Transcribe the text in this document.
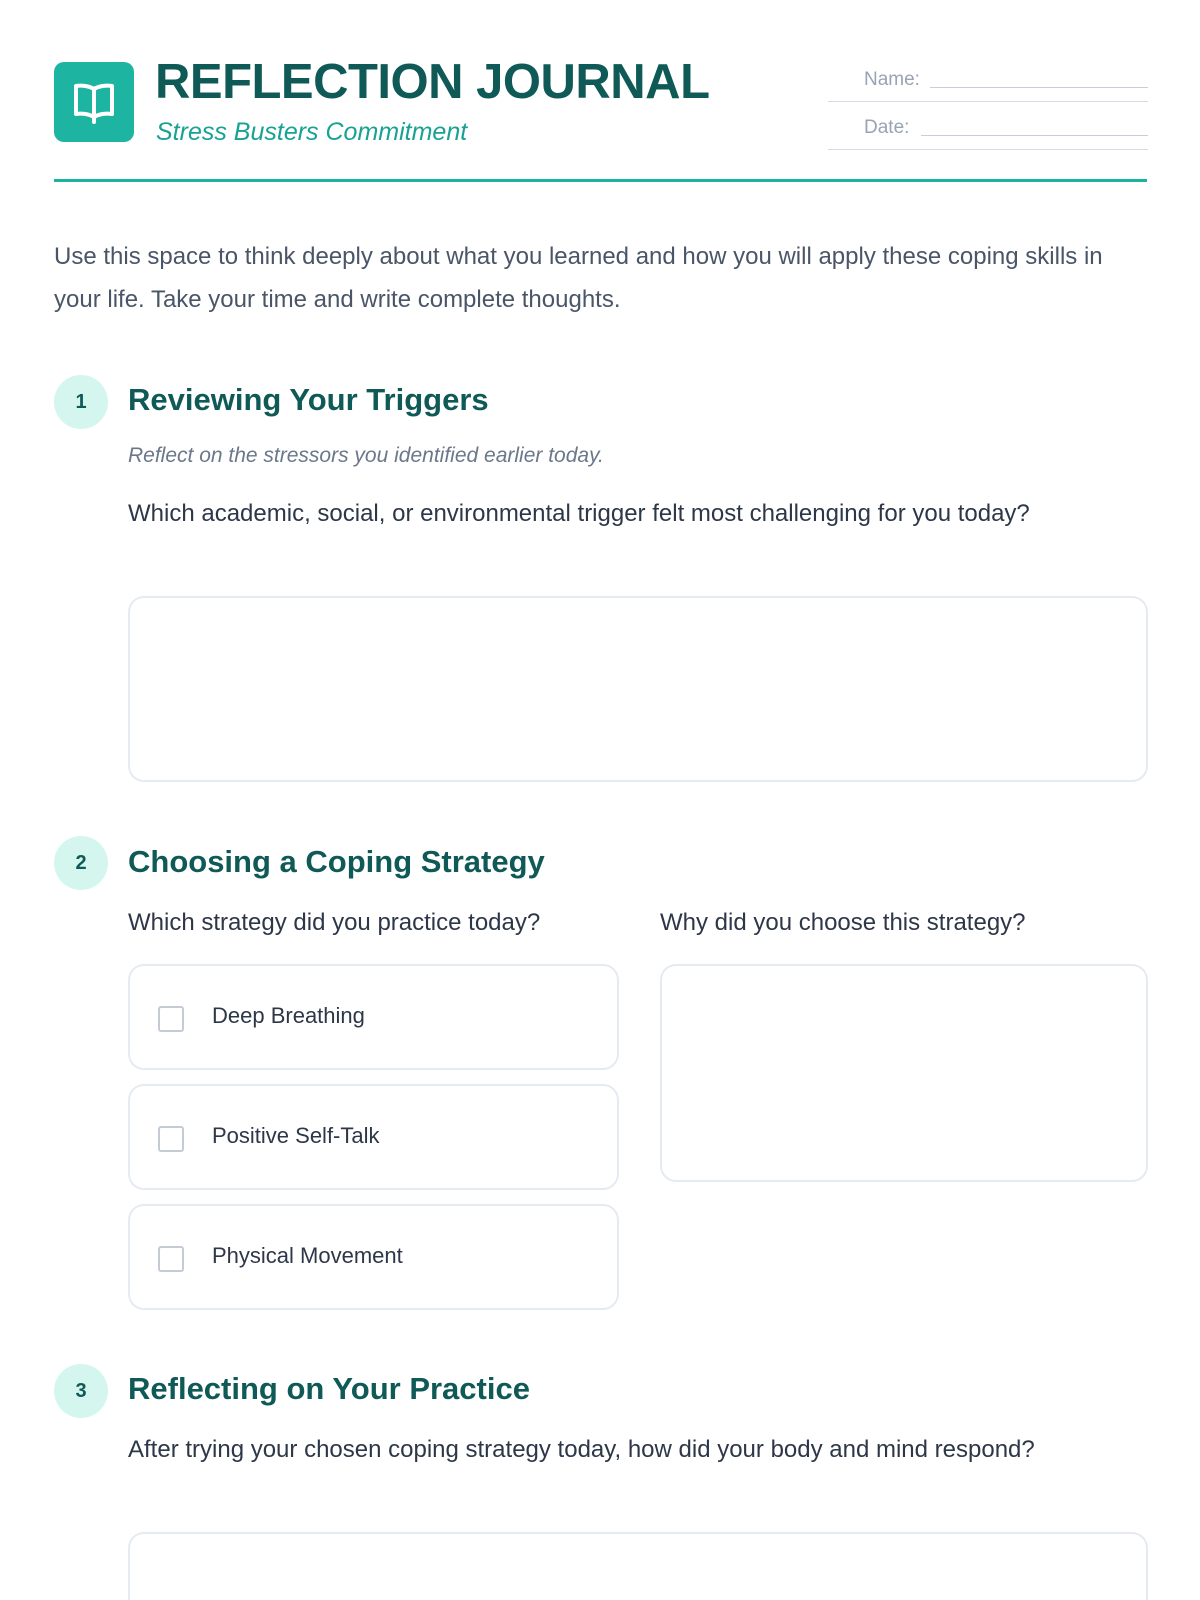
REFLECTION JOURNAL
Stress Busters Commitment
Name:
Date:

Use this space to think deeply about what you learned and how you will apply these coping skills in your life. Take your time and write complete thoughts.

1	Reviewing Your Triggers
Reflect on the stressors you identified earlier today.
Which academic, social, or environmental trigger felt most challenging for you today?
2	Choosing a Coping Strategy
Which strategy did you practice today?	Why did you choose this strategy?
Deep Breathing
Positive Self-Talk
Physical Movement
3	Reflecting on Your Practice
After trying your chosen coping strategy today, how did your body and mind respond?
